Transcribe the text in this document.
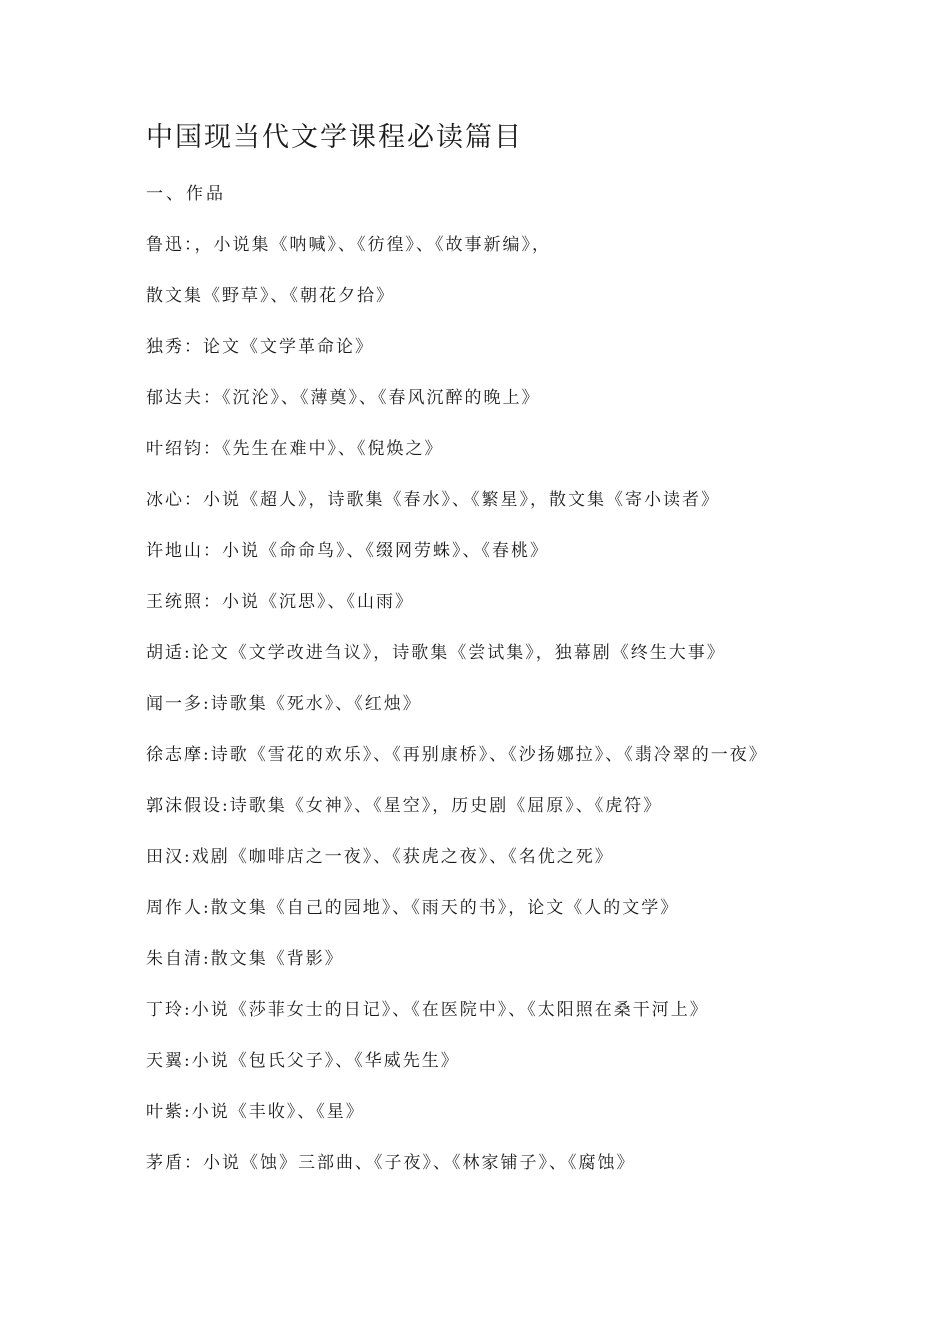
中国现当代文学课程必读篇目
一、作品
鲁迅：，小说集《呐喊》、《彷徨》、《故事新编》，
散文集《野草》、《朝花夕拾》
独秀：论文《文学革命论》
郁达夫：《沉沦》、《薄奠》、《春风沉醉的晚上》
叶绍钧：《先生在难中》、《倪焕之》
冰心：小说《超人》，诗歌集《春水》、《繁星》，散文集《寄小读者》
许地山：小说《命命鸟》、《缀网劳蛛》、《春桃》
王统照：小说《沉思》、《山雨》
胡适:论文《文学改进刍议》，诗歌集《尝试集》，独幕剧《终生大事》
闻一多:诗歌集《死水》、《红烛》
徐志摩:诗歌《雪花的欢乐》、《再别康桥》、《沙扬娜拉》、《翡冷翠的一夜》
郭沫假设:诗歌集《女神》、《星空》，历史剧《屈原》、《虎符》
田汉:戏剧《咖啡店之一夜》、《获虎之夜》、《名优之死》
周作人:散文集《自己的园地》、《雨天的书》，论文《人的文学》
朱自清:散文集《背影》
丁玲:小说《莎菲女士的日记》、《在医院中》、《太阳照在桑干河上》
天翼:小说《包氏父子》、《华威先生》
叶紫:小说《丰收》、《星》
茅盾：小说《蚀》三部曲、《子夜》、《林家铺子》、《腐蚀》
